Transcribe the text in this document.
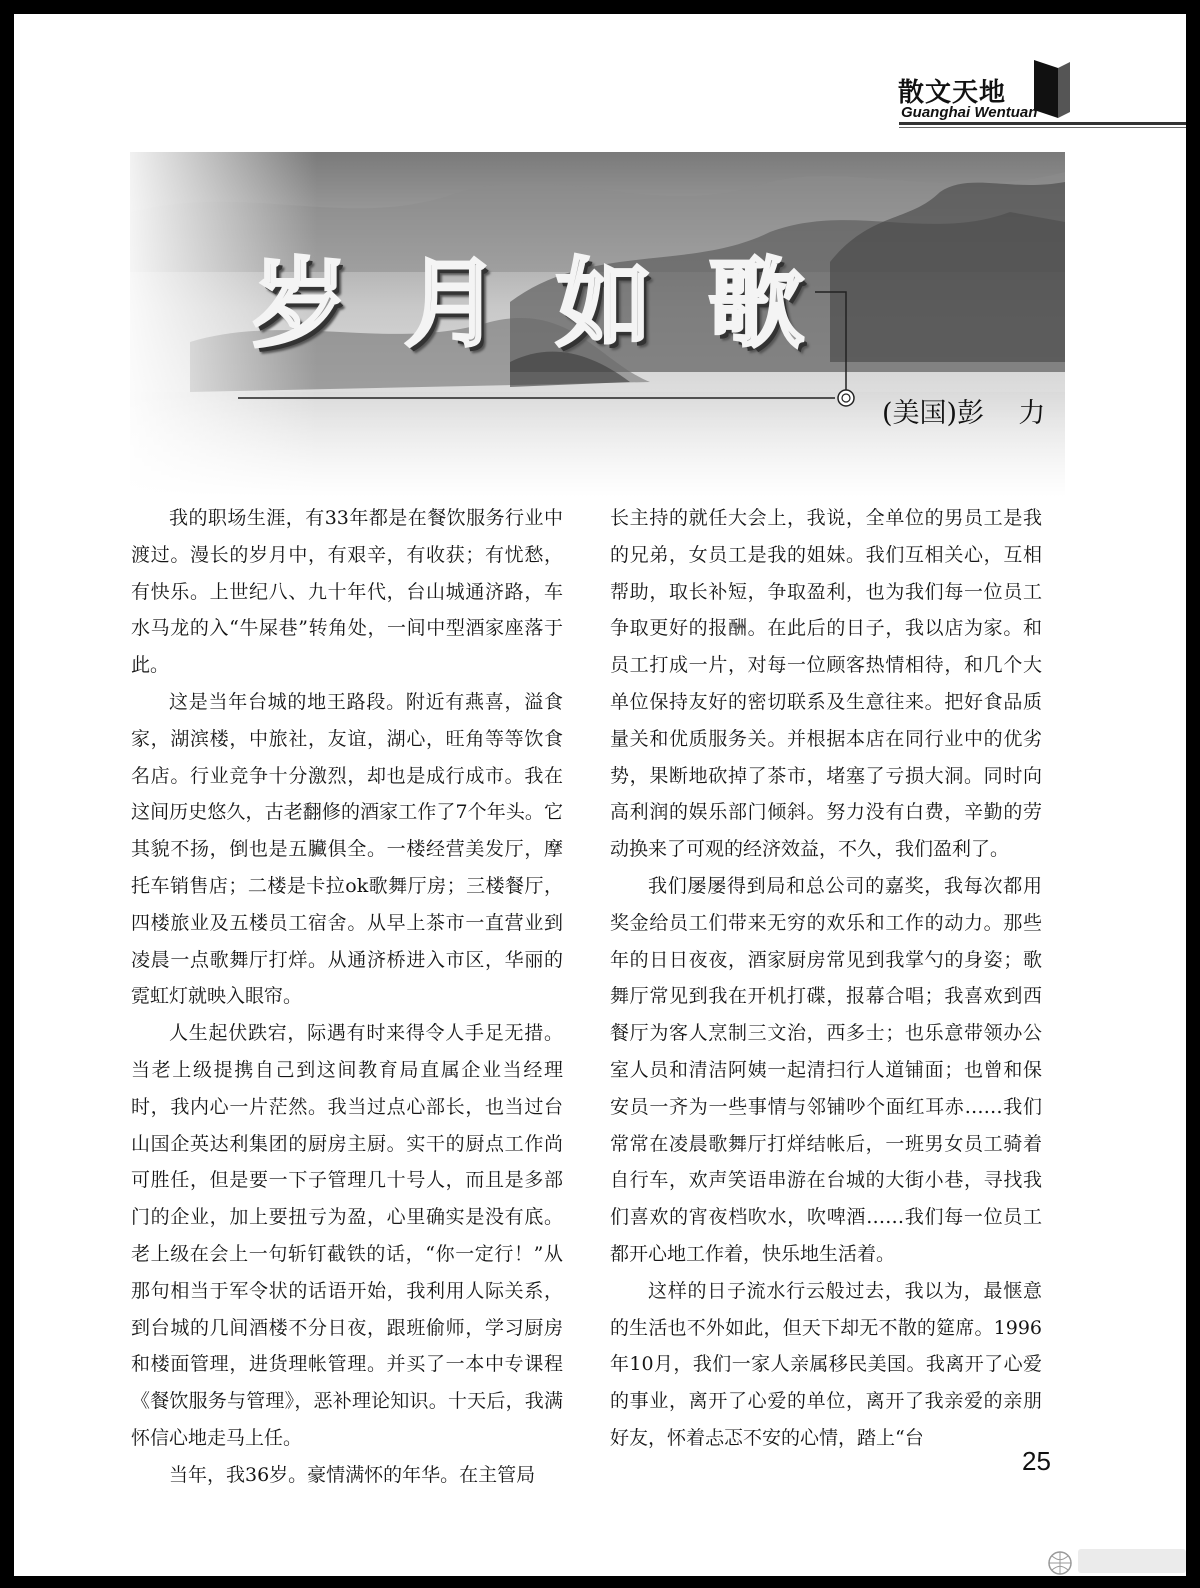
散文天地
Guanghai Wentuan
岁 月 如 歌
(美国)彭    力

我的职场生涯，有33年都是在餐饮服务行业中渡过。漫长的岁月中，有艰辛，有收获；有忧愁，有快乐。上世纪八、九十年代，台山城通济路，车水马龙的入“牛屎巷”转角处，一间中型酒家座落于此。

这是当年台城的地王路段。附近有燕喜，溢食家，湖滨楼，中旅社，友谊，湖心，旺角等等饮食名店。行业竞争十分激烈，却也是成行成市。我在这间历史悠久，古老翻修的酒家工作了7个年头。它其貌不扬，倒也是五臟俱全。一楼经营美发厅，摩托车销售店；二楼是卡拉ok歌舞厅房；三楼餐厅，四楼旅业及五楼员工宿舍。从早上茶市一直营业到凌晨一点歌舞厅打烊。从通济桥进入市区，华丽的霓虹灯就映入眼帘。

人生起伏跌宕，际遇有时来得令人手足无措。当老上级提携自己到这间教育局直属企业当经理时，我内心一片茫然。我当过点心部长，也当过台山国企英达利集团的厨房主厨。实干的厨点工作尚可胜任，但是要一下子管理几十号人，而且是多部门的企业，加上要扭亏为盈，心里确实是没有底。老上级在会上一句斩钉截铁的话，“你一定行！”从那句相当于军令状的话语开始，我利用人际关系，到台城的几间酒楼不分日夜，跟班偷师，学习厨房和楼面管理，进货理帐管理。并买了一本中专课程《餐饮服务与管理》，恶补理论知识。十天后，我满怀信心地走马上任。

当年，我36岁。豪情满怀的年华。在主管局

长主持的就任大会上，我说，全单位的男员工是我的兄弟，女员工是我的姐妹。我们互相关心，互相帮助，取长补短，争取盈利，也为我们每一位员工争取更好的报酬。在此后的日子，我以店为家。和员工打成一片，对每一位顾客热情相待，和几个大单位保持友好的密切联系及生意往来。把好食品质量关和优质服务关。并根据本店在同行业中的优劣势，果断地砍掉了茶市，堵塞了亏损大洞。同时向高利润的娱乐部门倾斜。努力没有白费，辛勤的劳动换来了可观的经济效益，不久，我们盈利了。

我们屡屡得到局和总公司的嘉奖，我每次都用奖金给员工们带来无穷的欢乐和工作的动力。那些年的日日夜夜，酒家厨房常见到我掌勺的身姿；歌舞厅常见到我在开机打碟，报幕合唱；我喜欢到西餐厅为客人烹制三文治，西多士；也乐意带领办公室人员和清洁阿姨一起清扫行人道铺面；也曾和保安员一齐为一些事情与邻铺吵个面红耳赤……我们常常在凌晨歌舞厅打烊结帐后，一班男女员工骑着自行车，欢声笑语串游在台城的大街小巷，寻找我们喜欢的宵夜档吹水，吹啤酒……我们每一位员工都开心地工作着，快乐地生活着。

这样的日子流水行云般过去，我以为，最惬意的生活也不外如此，但天下却无不散的筵席。1996年10月，我们一家人亲属移民美国。我离开了心爱的事业，离开了心爱的单位，离开了我亲爱的亲朋好友，怀着忐忑不安的心情，踏上“台

25
